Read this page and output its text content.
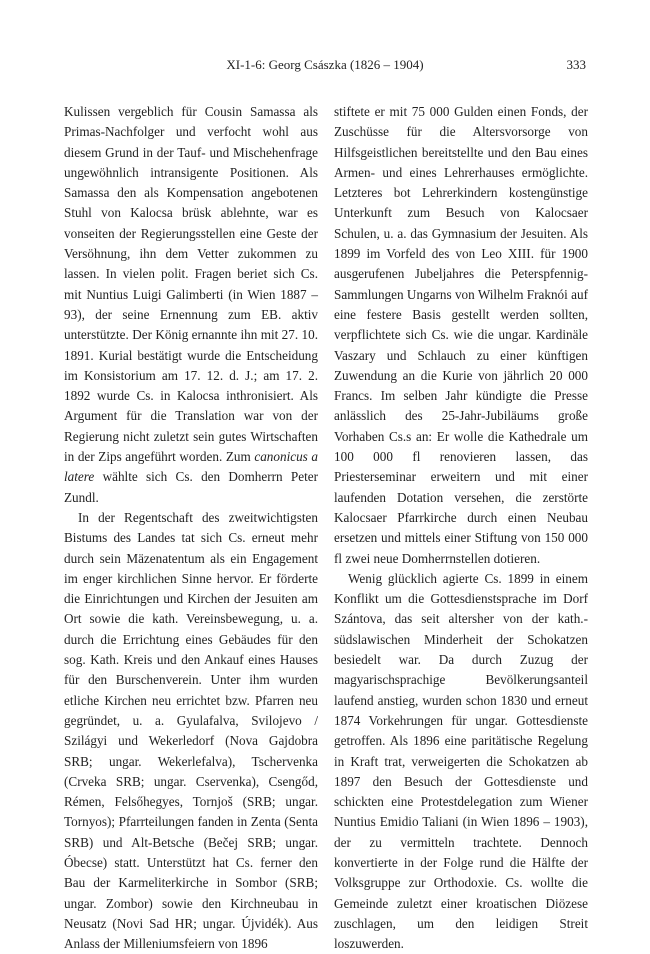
XI-1-6: Georg Császka (1826 – 1904)	333

Kulissen vergeblich für Cousin Samassa als Primas-Nachfolger und verfocht wohl aus diesem Grund in der Tauf- und Mischehenfrage ungewöhnlich intransigente Positionen. Als Samassa den als Kompensation angebotenen Stuhl von Kalocsa brüsk ablehnte, war es vonseiten der Regierungsstellen eine Geste der Versöhnung, ihn dem Vetter zukommen zu lassen. In vielen polit. Fragen beriet sich Cs. mit Nuntius Luigi Galimberti (in Wien 1887 – 93), der seine Ernennung zum EB. aktiv unterstützte. Der König ernannte ihn mit 27. 10. 1891. Kurial bestätigt wurde die Entscheidung im Konsistorium am 17. 12. d. J.; am 17. 2. 1892 wurde Cs. in Kalocsa inthronisiert. Als Argument für die Translation war von der Regierung nicht zuletzt sein gutes Wirtschaften in der Zips angeführt worden. Zum canonicus a latere wählte sich Cs. den Domherrn Peter Zundl.

In der Regentschaft des zweitwichtigsten Bistums des Landes tat sich Cs. erneut mehr durch sein Mäzenatentum als ein Engagement im enger kirchlichen Sinne hervor. Er förderte die Einrichtungen und Kirchen der Jesuiten am Ort sowie die kath. Vereinsbewegung, u. a. durch die Errichtung eines Gebäudes für den sog. Kath. Kreis und den Ankauf eines Hauses für den Burschenverein. Unter ihm wurden etliche Kirchen neu errichtet bzw. Pfarren neu gegründet, u. a. Gyulafalva, Svilojevo / Szilágyi und Wekerledorf (Nova Gajdobra SRB; ungar. Wekerlefalva), Tschervenka (Crveka SRB; ungar. Cservenka), Csengőd, Rémen, Felsőhegyes, Tornjoš (SRB; ungar. Tornyos); Pfarrteilungen fanden in Zenta (Senta SRB) und Alt-Betsche (Bečej SRB; ungar. Óbecse) statt. Unterstützt hat Cs. ferner den Bau der Karmeliterkirche in Sombor (SRB; ungar. Zombor) sowie den Kirchneubau in Neusatz (Novi Sad HR; ungar. Újvidék). Aus Anlass der Milleniumsfeiern von 1896

stiftete er mit 75 000 Gulden einen Fonds, der Zuschüsse für die Altersvorsorge von Hilfsgeistlichen bereitstellte und den Bau eines Armen- und eines Lehrerhauses ermöglichte. Letzteres bot Lehrerkindern kostengünstige Unterkunft zum Besuch von Kalocsaer Schulen, u. a. das Gymnasium der Jesuiten. Als 1899 im Vorfeld des von Leo XIII. für 1900 ausgerufenen Jubeljahres die Peterspfennig-Sammlungen Ungarns von Wilhelm Fraknói auf eine festere Basis gestellt werden sollten, verpflichtete sich Cs. wie die ungar. Kardinäle Vaszary und Schlauch zu einer künftigen Zuwendung an die Kurie von jährlich 20 000 Francs. Im selben Jahr kündigte die Presse anlässlich des 25-Jahr-Jubiläums große Vorhaben Cs.s an: Er wolle die Kathedrale um 100 000 fl renovieren lassen, das Priesterseminar erweitern und mit einer laufenden Dotation versehen, die zerstörte Kalocsaer Pfarrkirche durch einen Neubau ersetzen und mittels einer Stiftung von 150 000 fl zwei neue Domherrnstellen dotieren.

Wenig glücklich agierte Cs. 1899 in einem Konflikt um die Gottesdienstsprache im Dorf Szántova, das seit altersher von der kath.-südslawischen Minderheit der Schokatzen besiedelt war. Da durch Zuzug der magyarischsprachige Bevölkerungsanteil laufend anstieg, wurden schon 1830 und erneut 1874 Vorkehrungen für ungar. Gottesdienste getroffen. Als 1896 eine paritätische Regelung in Kraft trat, verweigerten die Schokatzen ab 1897 den Besuch der Gottesdienste und schickten eine Protestdelegation zum Wiener Nuntius Emidio Taliani (in Wien 1896 – 1903), der zu vermitteln trachtete. Dennoch konvertierte in der Folge rund die Hälfte der Volksgruppe zur Orthodoxie. Cs. wollte die Gemeinde zuletzt einer kroatischen Diözese zuschlagen, um den leidigen Streit loszuwerden.
